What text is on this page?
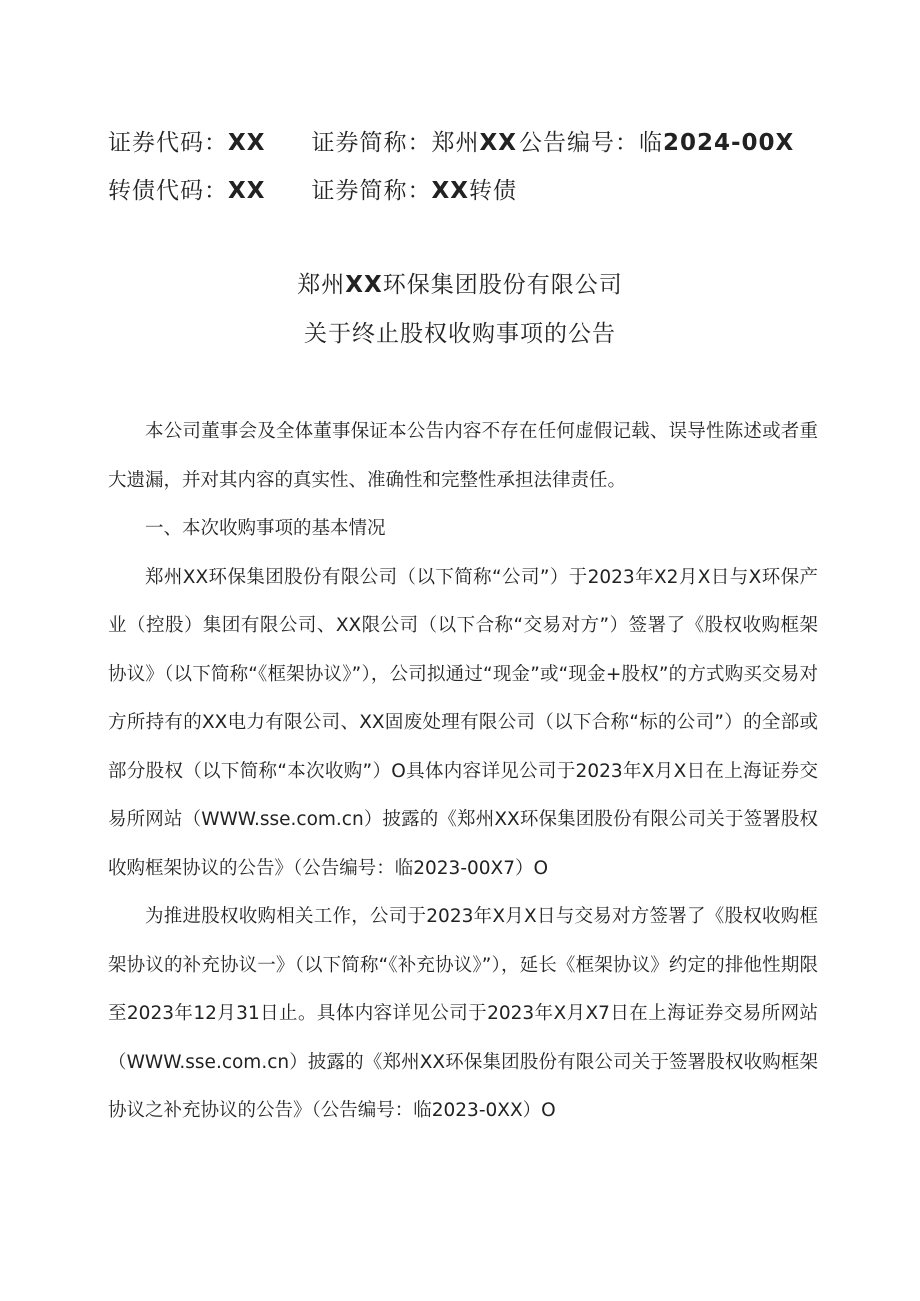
证券代码：XX 证券简称：郑州XX公告编号：临2024-00X
转债代码：XX 证券简称：XX转债
郑州XX环保集团股份有限公司
关于终止股权收购事项的公告

本公司董事会及全体董事保证本公告内容不存在任何虚假记载、误导性陈述或者重大遗漏，并对其内容的真实性、准确性和完整性承担法律责任。

一、本次收购事项的基本情况

郑州XX环保集团股份有限公司（以下简称“公司”）于2023年X2月X日与X环保产业（控股）集团有限公司、XX限公司（以下合称“交易对方”）签署了《股权收购框架协议》（以下简称“《框架协议》”），公司拟通过“现金”或“现金+股权”的方式购买交易对方所持有的XX电力有限公司、XX固废处理有限公司（以下合称“标的公司”）的全部或部分股权（以下简称“本次收购”）O具体内容详见公司于2023年X月X日在上海证券交易所网站（WWW.sse.com.cn）披露的《郑州XX环保集团股份有限公司关于签署股权收购框架协议的公告》（公告编号：临2023-00X7）O

为推进股权收购相关工作，公司于2023年X月X日与交易对方签署了《股权收购框架协议的补充协议一》（以下简称“《补充协议》”），延长《框架协议》约定的排他性期限至2023年12月31日止。具体内容详见公司于2023年X月X7日在上海证券交易所网站（WWW.sse.com.cn）披露的《郑州XX环保集团股份有限公司关于签署股权收购框架协议之补充协议的公告》（公告编号：临2023-0XX）O
